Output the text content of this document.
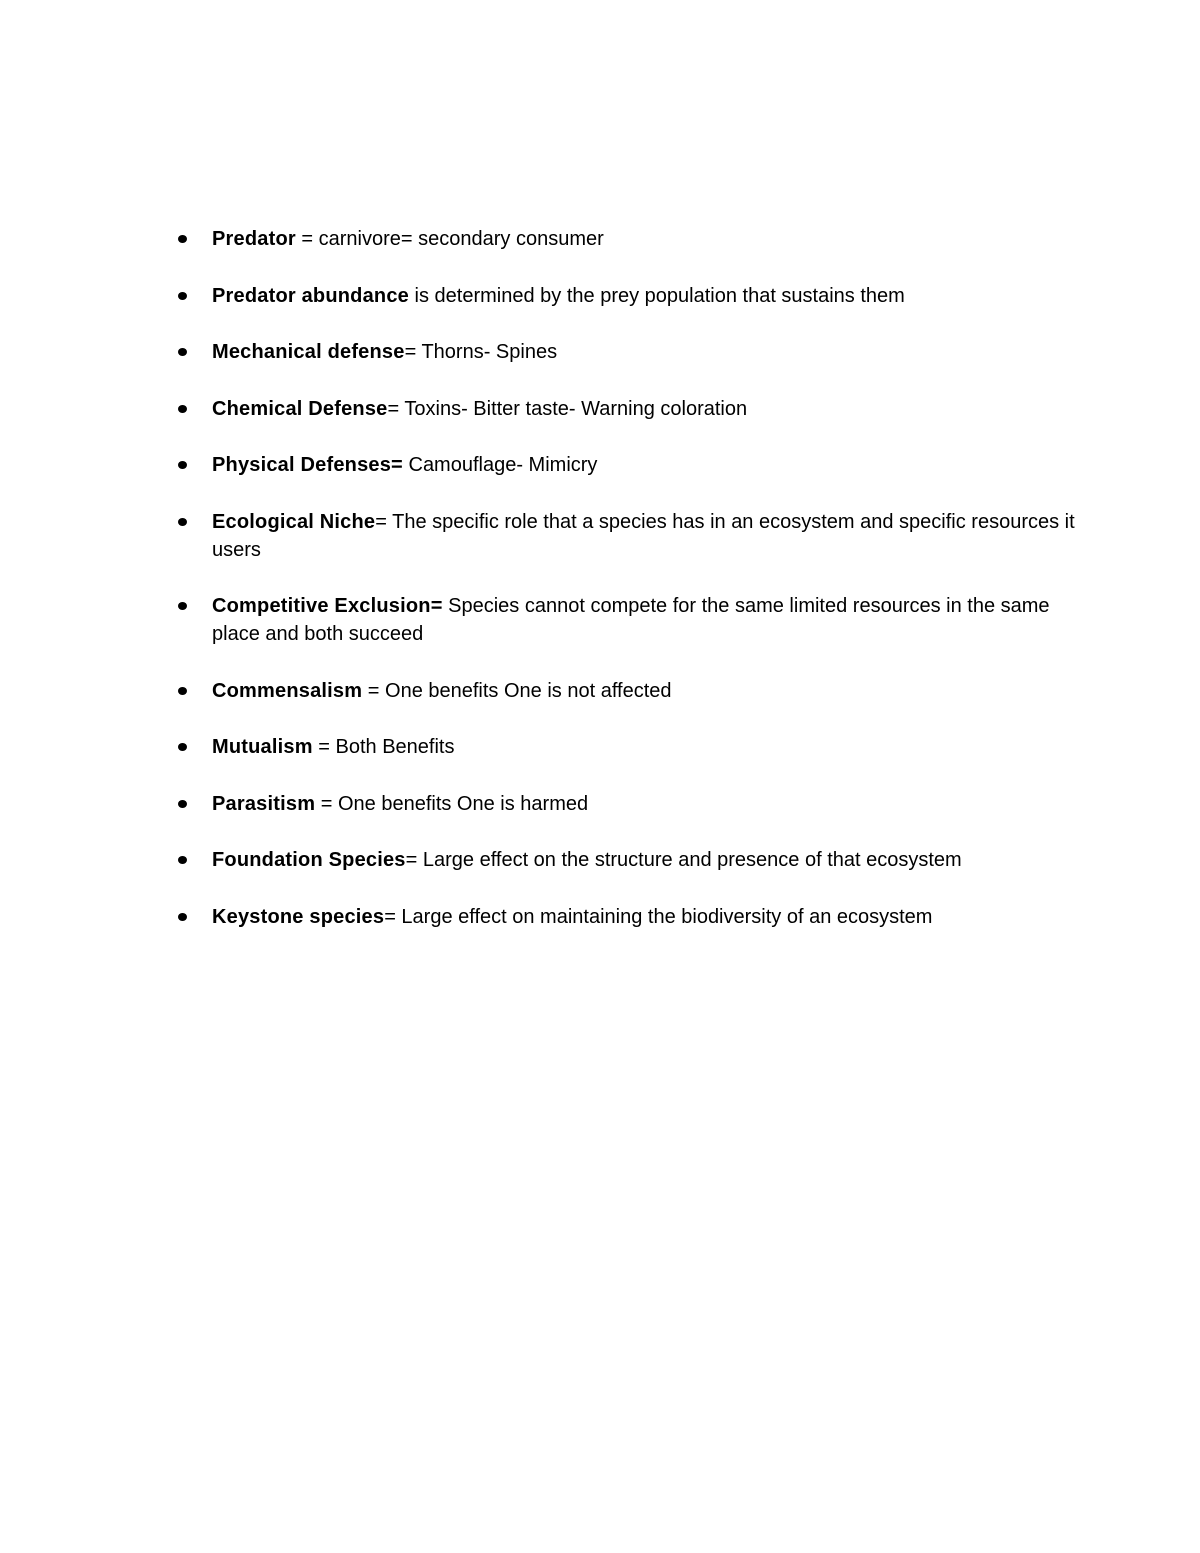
Predator = carnivore= secondary consumer
Predator abundance is determined by the prey population that sustains them
Mechanical defense= Thorns- Spines
Chemical Defense= Toxins- Bitter taste- Warning coloration
Physical Defenses= Camouflage- Mimicry
Ecological Niche= The specific role that a species has in an ecosystem and specific resources it users
Competitive Exclusion= Species cannot compete for the same limited resources in the same place and both succeed
Commensalism = One benefits One is not affected
Mutualism = Both Benefits
Parasitism = One benefits One is harmed
Foundation Species= Large effect on the structure and presence of that ecosystem
Keystone species= Large effect on maintaining the biodiversity of an ecosystem
